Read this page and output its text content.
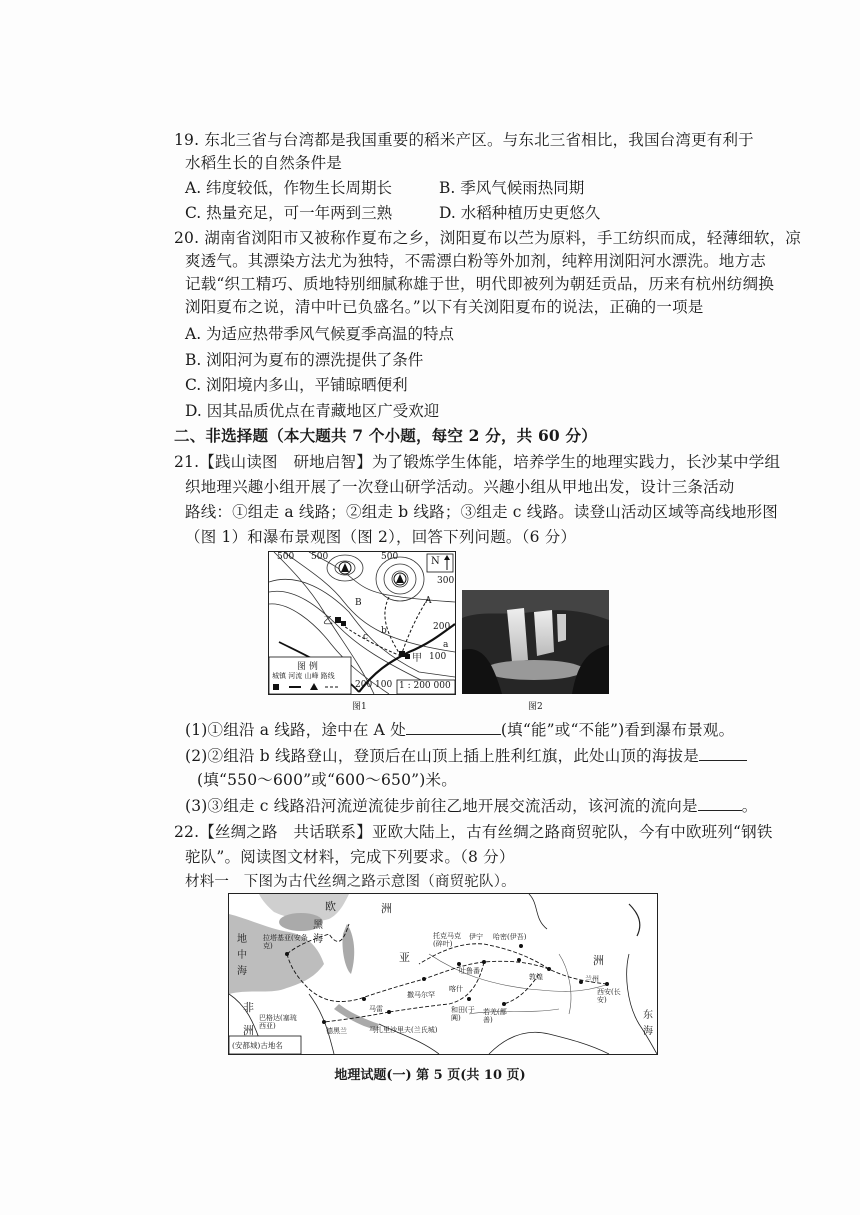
19. 东北三省与台湾都是我国重要的稻米产区。与东北三省相比，我国台湾更有利于
水稻生长的自然条件是
A. 纬度较低，作物生长周期长	B. 季风气候雨热同期
C. 热量充足，可一年两到三熟	D. 水稻种植历史更悠久
20. 湖南省浏阳市又被称作夏布之乡，浏阳夏布以苎为原料，手工纺织而成，轻薄细软，凉
爽透气。其漂染方法尤为独特，不需漂白粉等外加剂，纯粹用浏阳河水漂洗。地方志
记载“织工精巧、质地特别细腻称雄于世，明代即被列为朝廷贡品，历来有杭州纺绸换
浏阳夏布之说，清中叶已负盛名。”以下有关浏阳夏布的说法，正确的一项是
A. 为适应热带季风气候夏季高温的特点
B. 浏阳河为夏布的漂洗提供了条件
C. 浏阳境内多山，平铺晾晒便利
D. 因其品质优点在青藏地区广受欢迎
二、非选择题（本大题共 7 个小题，每空 2 分，共 60 分）
21.【践山读图　研地启智】为了锻炼学生体能，培养学生的地理实践力，长沙某中学组
织地理兴趣小组开展了一次登山研学活动。兴趣小组从甲地出发，设计三条活动
路线：①组走 a 线路；②组走 b 线路；③组走 c 线路。读登山活动区域等高线地形图
（图 1）和瀑布景观图（图 2），回答下列问题。（6 分）
500 500	500
300
200
100
200 100
N
A
B
a
b
c
乙
甲
图 例
城镇 河流 山峰 路线
1 : 200 000
图1	图2
(1)①组沿 a 线路，途中在 A 处	(填“能”或“不能”)看到瀑布景观。
(2)②组沿 b 线路登山，登顶后在山顶上插上胜利红旗，此处山顶的海拔是
(填“550～600”或“600～650”)米。
(3)③组走 c 线路沿河流逆流徒步前往乙地开展交流活动，该河流的流向是	。
22.【丝绸之路　共话联系】亚欧大陆上，古有丝绸之路商贸驼队，今有中欧班列“钢铁
驼队”。阅读图文材料，完成下列要求。（8 分）
材料一　下图为古代丝绸之路示意图（商贸驼队）。
欧	洲
亚	洲
非
洲
黑
海
地
中
海
东
海
拉塔基亚(安条克)
巴格达(塞琉西亚)
德黑兰
马雷
撒马尔罕
托克马克(碎叶)
伊宁 哈密(伊吾)
吐鲁番
敦煌
喀什
和田(于阗)
若羌(鄯善)
马扎里沙里夫(兰氏城)
兰州
西安(长安)
(安都城)古地名
地理试题(一) 第 5 页(共 10 页)
